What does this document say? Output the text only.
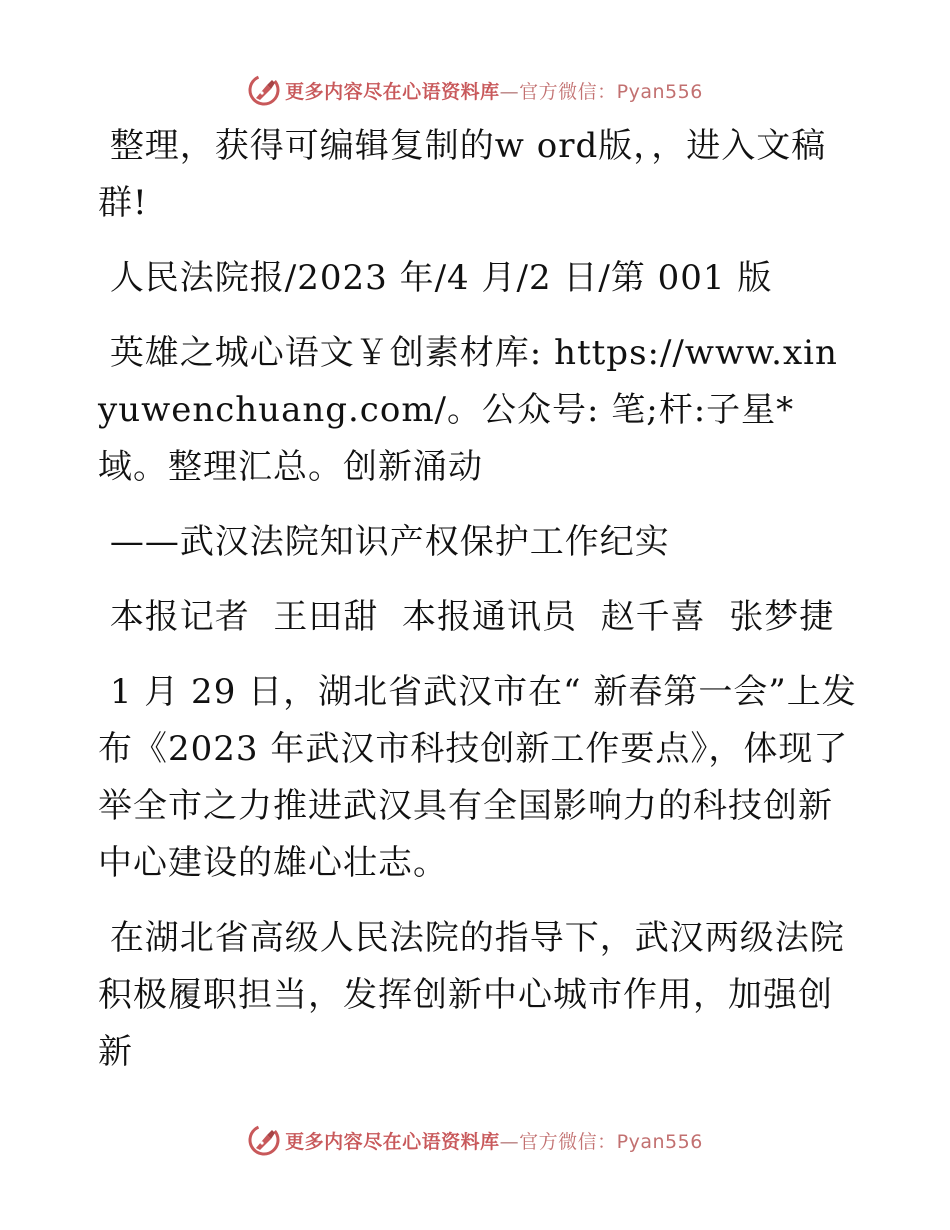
更多内容尽在心语资料库—官方微信：Pyan556

整理，获得可编辑复制的w ord版，，进入文稿群!

人民法院报/2023 年/4 月/2 日/第 001 版

英雄之城心语文￥创素材库: https://www.xinyuwenchuang.com/。公众号: 笔;杆:子星*域。整理汇总。创新涌动

——武汉法院知识产权保护工作纪实

本报记者  王田甜  本报通讯员  赵千喜  张梦捷

1 月 29 日，湖北省武汉市在“ 新春第一会”上发布《2023 年武汉市科技创新工作要点》，体现了举全市之力推进武汉具有全国影响力的科技创新中心建设的雄心壮志。

在湖北省高级人民法院的指导下，武汉两级法院积极履职担当，发挥创新中心城市作用，加强创新

更多内容尽在心语资料库—官方微信：Pyan556
